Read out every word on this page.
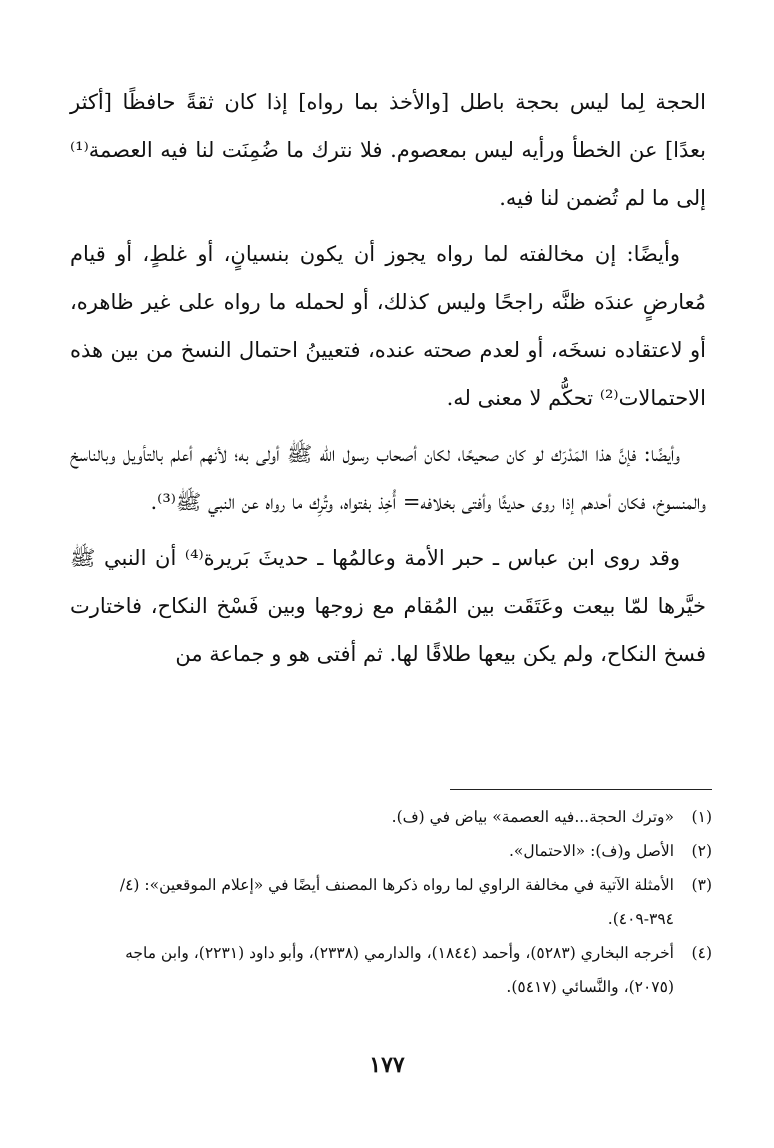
الحجة لِما ليس بحجة باطل [والأخذ بما رواه] إذا كان ثقةً حافظًا [أكثر بعدًا] عن الخطأ ورأيه ليس بمعصوم. فلا نترك ما ضُمِنَت لنا فيه العصمة⁽¹⁾ إلى ما لم تُضمن لنا فيه.

وأيضًا: إن مخالفته لما رواه يجوز أن يكون بنسيانٍ، أو غلطٍ، أو قيام مُعارضٍ عندَه ظنَّه راجحًا وليس كذلك، أو لحمله ما رواه على غير ظاهره، أو لاعتقاده نسخَه، أو لعدم صحته عنده، فتعيينُ احتمال النسخ من بين هذه الاحتمالات⁽²⁾ تحكُّم لا معنى له.

وأيضًا: فإنَّ هذا المَدْرَك لو كان صحيحًا، لكان أصحاب رسول الله ﷺ أولى به؛ لأنهم أعلم بالتأويل وبالناسخ والمنسوخ، فكان أحدهم إذا روى حديثًا وأفتى بخلافه= أُخِذ بفتواه، وتُرِك ما رواه عن النبي ﷺ⁽³⁾.

وقد روى ابن عباس ـ حبر الأمة وعالمُها ـ حديثَ بَريرة⁽⁴⁾ أن النبي ﷺ خيَّرها لمّا بيعت وعَتَقَت بين المُقام مع زوجها وبين فَسْخ النكاح، فاختارت فسخ النكاح، ولم يكن بيعها طلاقًا لها. ثم أفتى هو و جماعة من

(١)
«وترك الحجة...فيه العصمة» بياض في (ف).
(٢)
الأصل و(ف): «الاحتمال».
(٣)
الأمثلة الآتية في مخالفة الراوي لما رواه ذكرها المصنف أيضًا في «إعلام الموقعين»: (٤/ ٣٩٤-٤٠٩).
(٤)
أخرجه البخاري (٥٢٨٣)، وأحمد (١٨٤٤)، والدارمي (٢٣٣٨)، وأبو داود (٢٢٣١)، وابن ماجه (٢٠٧٥)، والنَّسائي (٥٤١٧).
١٧٧
